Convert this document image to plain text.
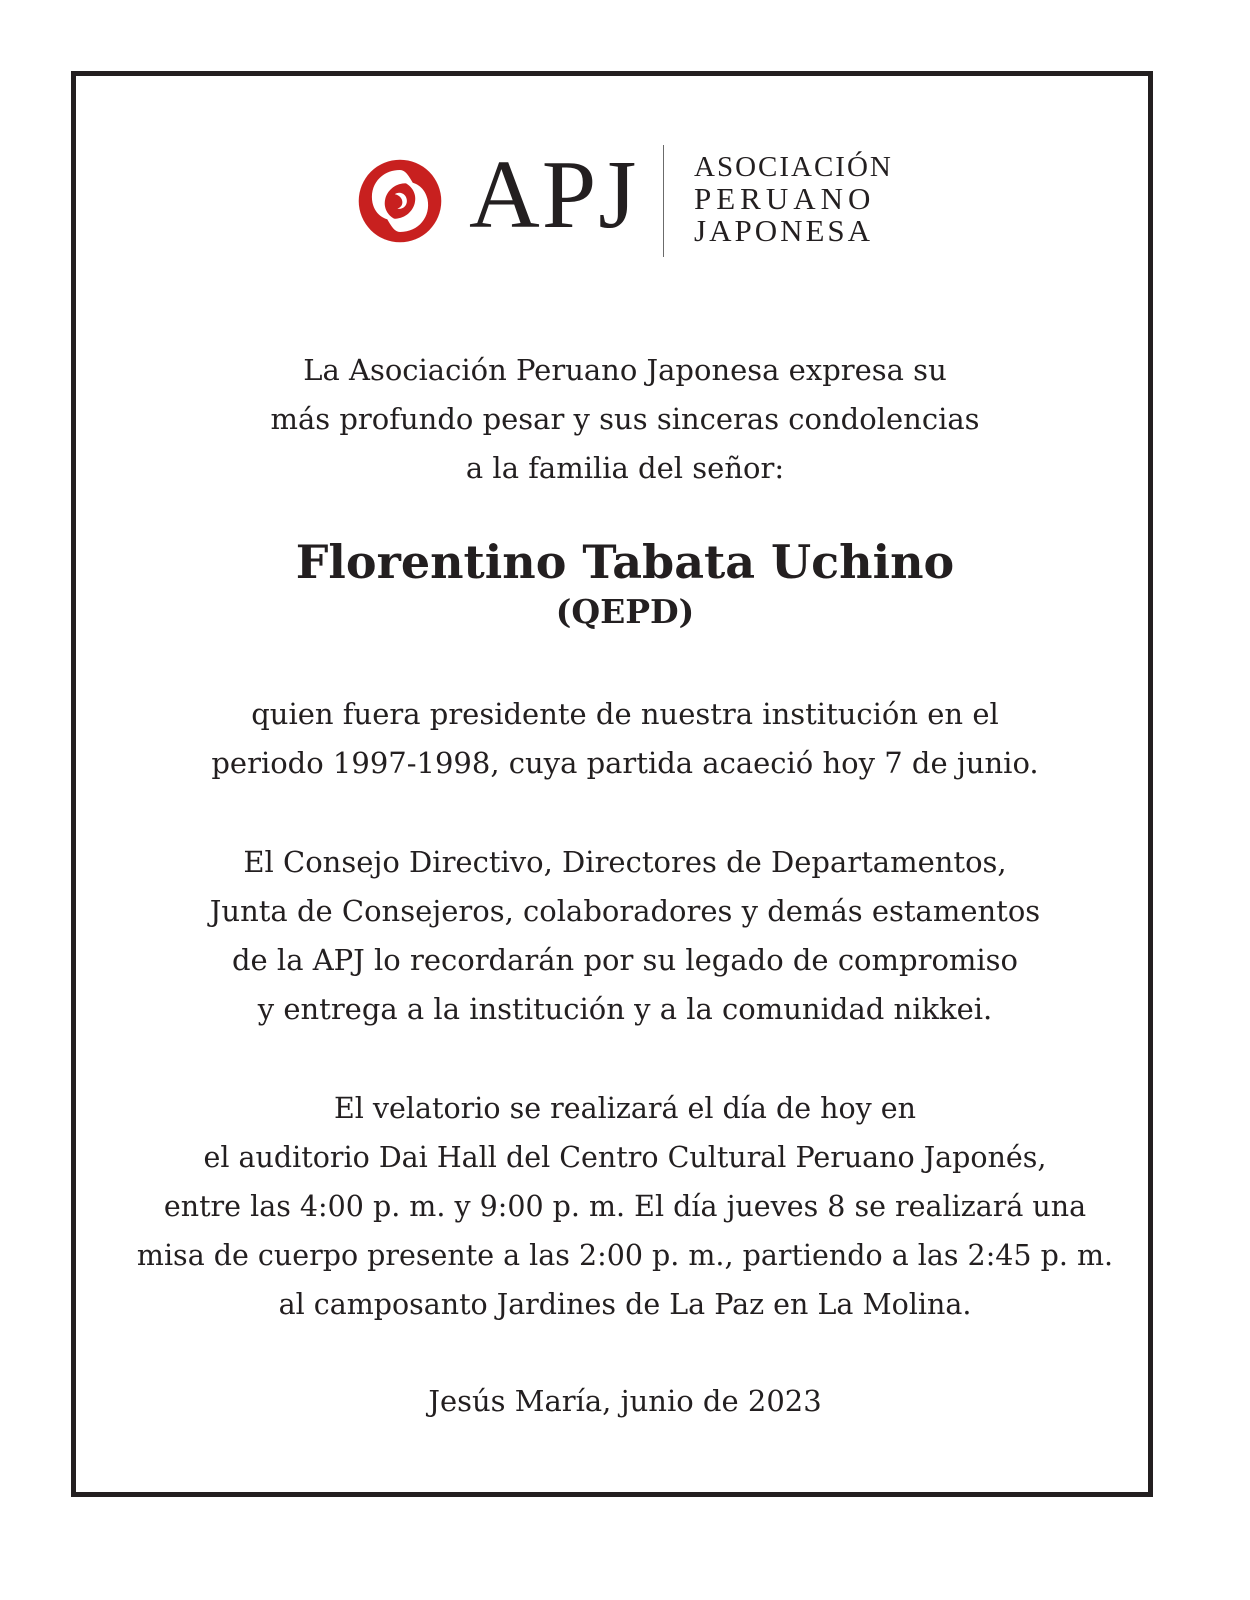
APJ ASOCIACIÓN
PERUANO
JAPONESA
La Asociación Peruano Japonesa expresa su
más profundo pesar y sus sinceras condolencias
a la familia del señor:
Florentino Tabata Uchino
(QEPD)
quien fuera presidente de nuestra institución en el
periodo 1997-1998, cuya partida acaeció hoy 7 de junio.
El Consejo Directivo, Directores de Departamentos,
Junta de Consejeros, colaboradores y demás estamentos
de la APJ lo recordarán por su legado de compromiso
y entrega a la institución y a la comunidad nikkei.
El velatorio se realizará el día de hoy en
el auditorio Dai Hall del Centro Cultural Peruano Japonés,
entre las 4:00 p. m. y 9:00 p. m. El día jueves 8 se realizará una
misa de cuerpo presente a las 2:00 p. m., partiendo a las 2:45 p. m.
al camposanto Jardines de La Paz en La Molina.
Jesús María, junio de 2023
